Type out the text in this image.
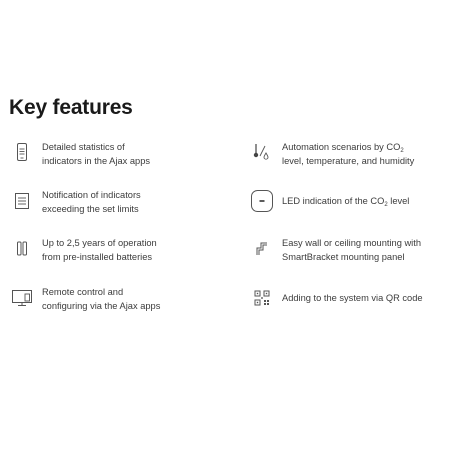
Key features
Detailed statistics of
indicators in the Ajax apps
Automation scenarios by $CO_2$
level, temperature, and humidity
Notification of indicators
exceeding the set limits
LED indication of the $CO_2$ level
Up to 2,5 years of operation
from pre-installed batteries
Easy wall or ceiling mounting with
SmartBracket mounting panel
Remote control and
configuring via the Ajax apps
Adding to the system via QR code
